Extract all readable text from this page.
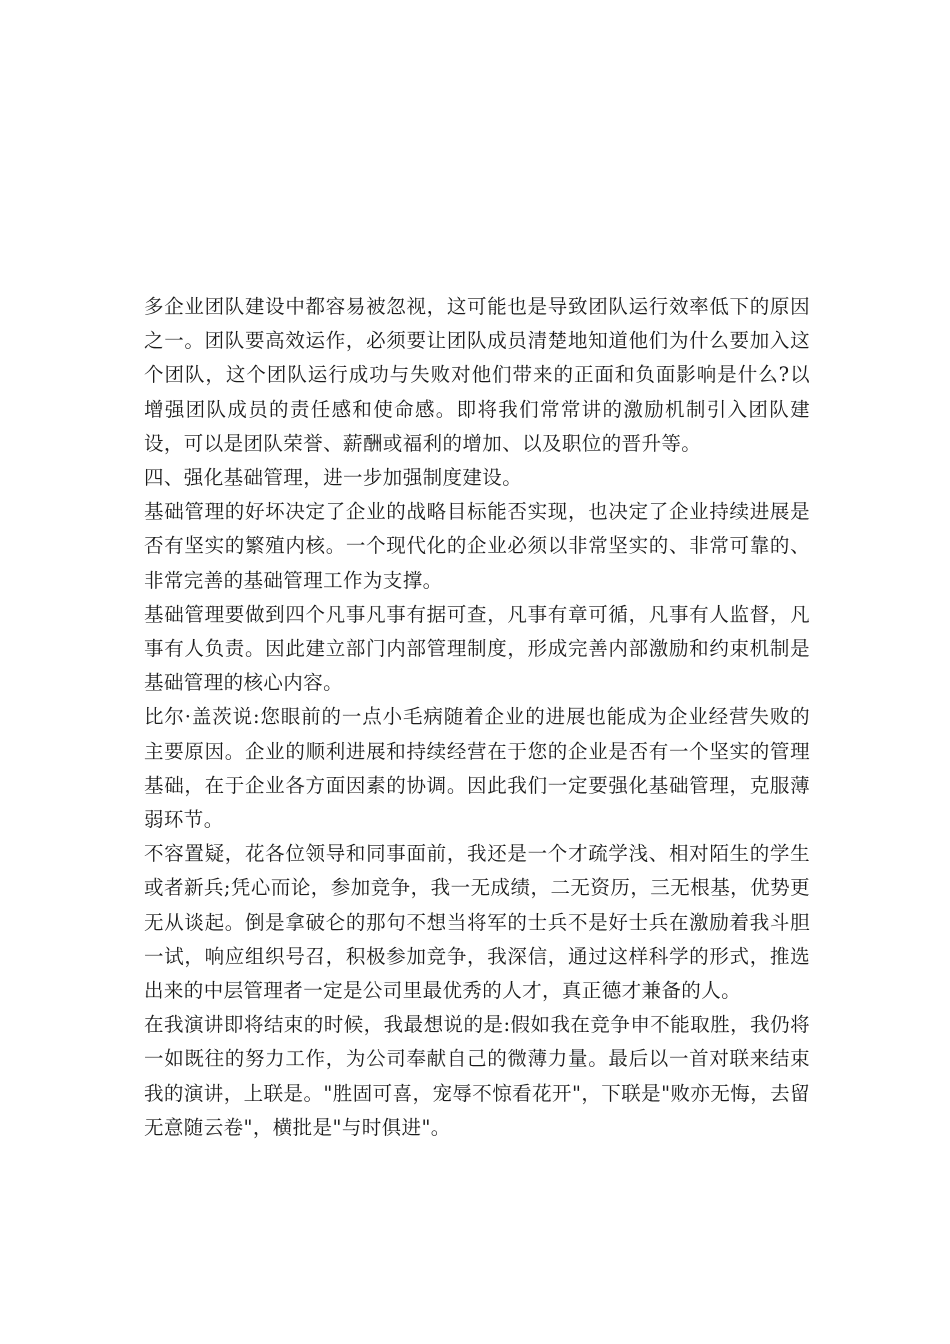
多企业团队建设中都容易被忽视，这可能也是导致团队运行效率低下的原因之一。团队要高效运作，必须要让团队成员清楚地知道他们为什么要加入这个团队，这个团队运行成功与失败对他们带来的正面和负面影响是什么?以增强团队成员的责任感和使命感。即将我们常常讲的激励机制引入团队建设，可以是团队荣誉、薪酬或福利的增加、以及职位的晋升等。

四、强化基础管理，进一步加强制度建设。

基础管理的好坏决定了企业的战略目标能否实现，也决定了企业持续进展是否有坚实的繁殖内核。一个现代化的企业必须以非常坚实的、非常可靠的、非常完善的基础管理工作为支撑。

基础管理要做到四个凡事凡事有据可查，凡事有章可循，凡事有人监督，凡事有人负责。因此建立部门内部管理制度，形成完善内部激励和约束机制是基础管理的核心内容。

比尔·盖茨说:您眼前的一点小毛病随着企业的进展也能成为企业经营失败的主要原因。企业的顺利进展和持续经营在于您的企业是否有一个坚实的管理基础，在于企业各方面因素的协调。因此我们一定要强化基础管理，克服薄弱环节。

不容置疑，花各位领导和同事面前，我还是一个才疏学浅、相对陌生的学生或者新兵;凭心而论，参加竞争，我一无成绩，二无资历，三无根基，优势更无从谈起。倒是拿破仑的那句不想当将军的士兵不是好士兵在激励着我斗胆一试，响应组织号召，积极参加竞争，我深信，通过这样科学的形式，推选出来的中层管理者一定是公司里最优秀的人才，真正德才兼备的人。

在我演讲即将结束的时候，我最想说的是:假如我在竞争申不能取胜，我仍将一如既往的努力工作，为公司奉献自己的微薄力量。最后以一首对联来结束我的演讲，上联是。"胜固可喜，宠辱不惊看花开"，下联是"败亦无悔，去留无意随云卷"，横批是"与时俱进"。
